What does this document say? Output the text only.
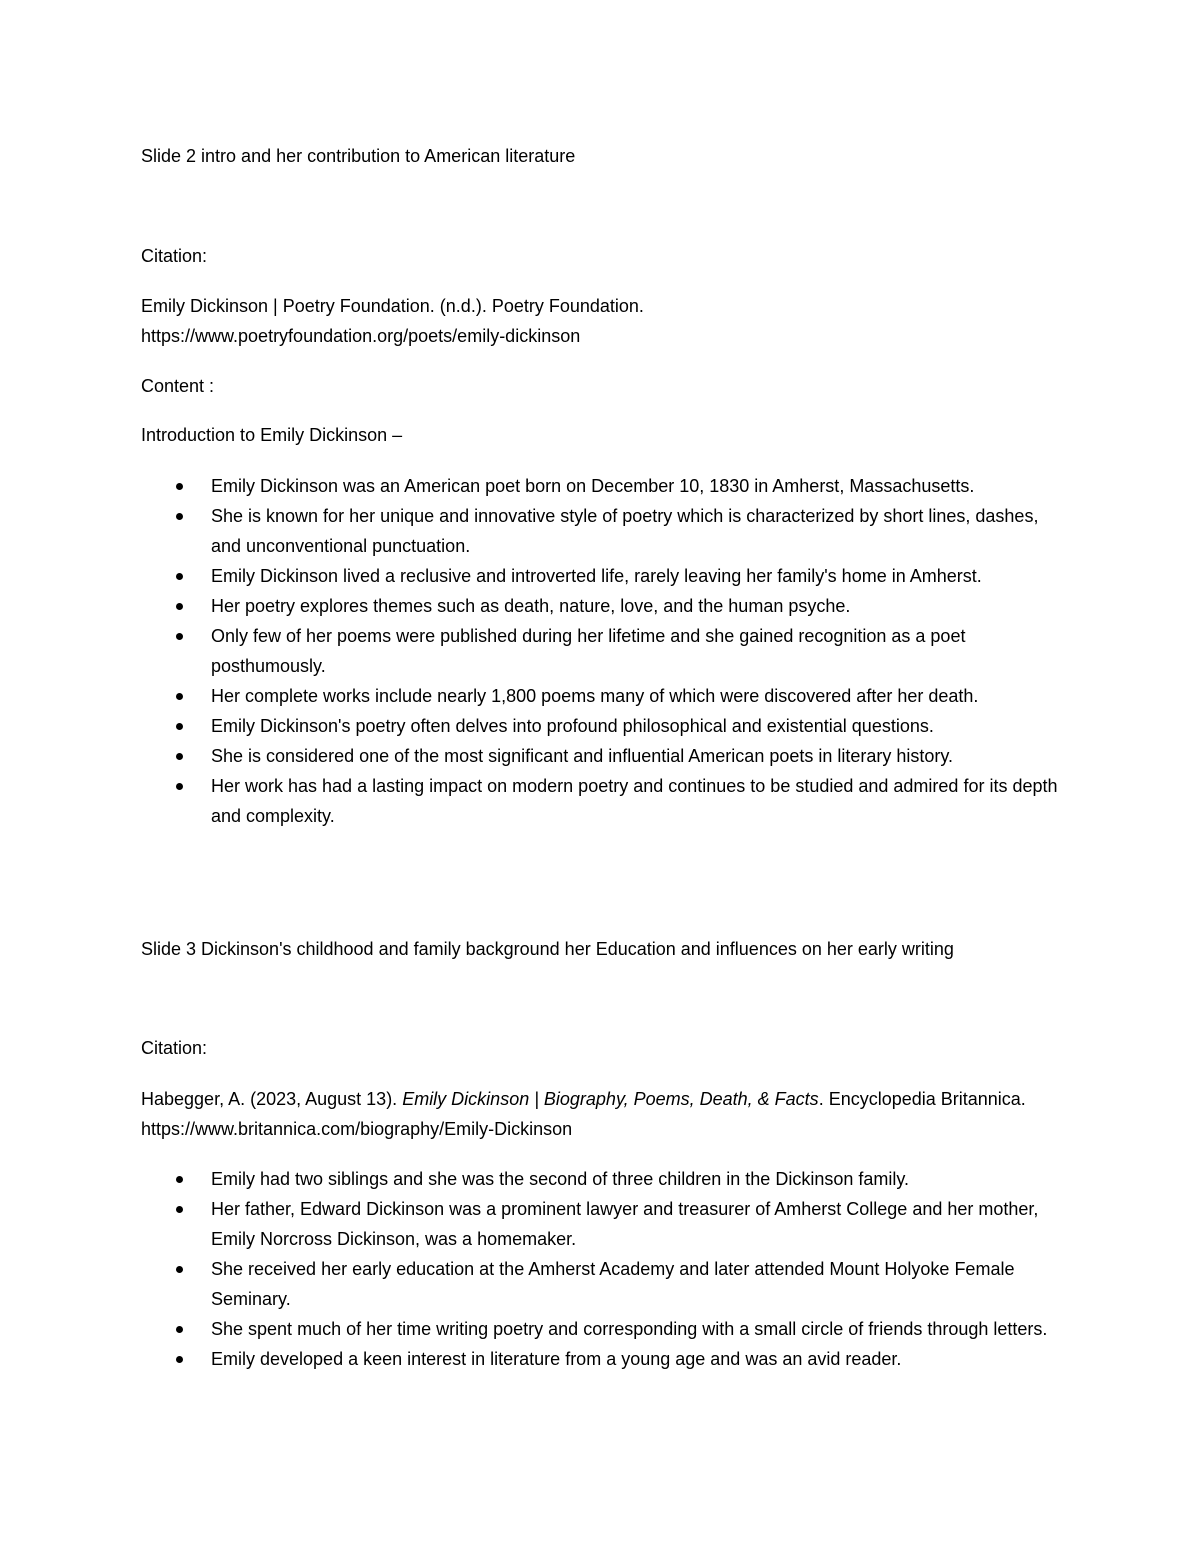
Slide 2 intro and her contribution to American literature
Citation:
Emily Dickinson | Poetry Foundation. (n.d.). Poetry Foundation.
https://www.poetryfoundation.org/poets/emily-dickinson
Content :
Introduction to Emily Dickinson –
Emily Dickinson was an American poet born on December 10, 1830 in Amherst, Massachusetts.
She is known for her unique and innovative style of poetry which is characterized by short lines, dashes, and unconventional punctuation.
Emily Dickinson lived a reclusive and introverted life, rarely leaving her family's home in Amherst.
Her poetry explores themes such as death, nature, love, and the human psyche.
Only few of her poems were published during her lifetime and she gained recognition as a poet posthumously.
Her complete works include nearly 1,800 poems many of which were discovered after her death.
Emily Dickinson's poetry often delves into profound philosophical and existential questions.
She is considered one of the most significant and influential American poets in literary history.
Her work has had a lasting impact on modern poetry and continues to be studied and admired for its depth and complexity.
Slide 3 Dickinson's childhood and family background her Education and influences on her early writing
Citation:
Habegger, A. (2023, August 13). Emily Dickinson | Biography, Poems, Death, & Facts. Encyclopedia Britannica. https://www.britannica.com/biography/Emily-Dickinson
Emily had two siblings and she was the second of three children in the Dickinson family.
Her father, Edward Dickinson was a prominent lawyer and treasurer of Amherst College and her mother, Emily Norcross Dickinson, was a homemaker.
She received her early education at the Amherst Academy and later attended Mount Holyoke Female Seminary.
She spent much of her time writing poetry and corresponding with a small circle of friends through letters.
Emily developed a keen interest in literature from a young age and was an avid reader.
